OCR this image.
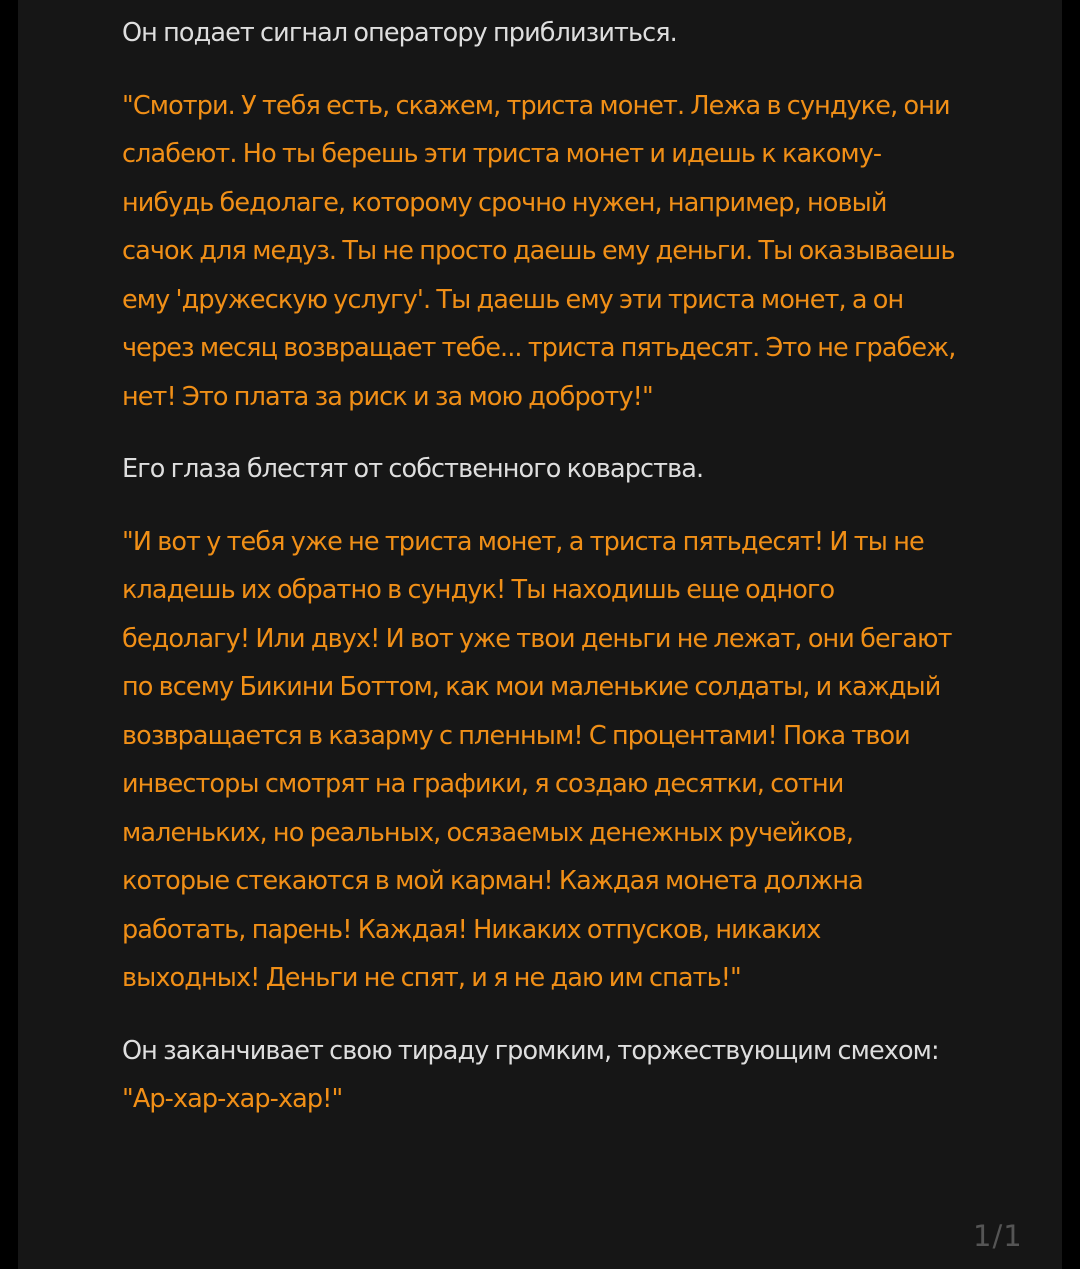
Он подает сигнал оператору приблизиться.

"Смотри. У тебя есть, скажем, триста монет. Лежа в сундуке, они слабеют. Но ты берешь эти триста монет и идешь к какому-нибудь бедолаге, которому срочно нужен, например, новый сачок для медуз. Ты не просто даешь ему деньги. Ты оказываешь ему 'дружескую услугу'. Ты даешь ему эти триста монет, а он через месяц возвращает тебе... триста пятьдесят. Это не грабеж, нет! Это плата за риск и за мою доброту!"

Его глаза блестят от собственного коварства.

"И вот у тебя уже не триста монет, а триста пятьдесят! И ты не кладешь их обратно в сундук! Ты находишь еще одного бедолагу! Или двух! И вот уже твои деньги не лежат, они бегают по всему Бикини Боттом, как мои маленькие солдаты, и каждый возвращается в казарму с пленным! С процентами! Пока твои инвесторы смотрят на графики, я создаю десятки, сотни маленьких, но реальных, осязаемых денежных ручейков, которые стекаются в мой карман! Каждая монета должна работать, парень! Каждая! Никаких отпусков, никаких выходных! Деньги не спят, и я не даю им спать!"

Он заканчивает свою тираду громким, торжествующим смехом: "Ар-хар-хар-хар!"

1/1
